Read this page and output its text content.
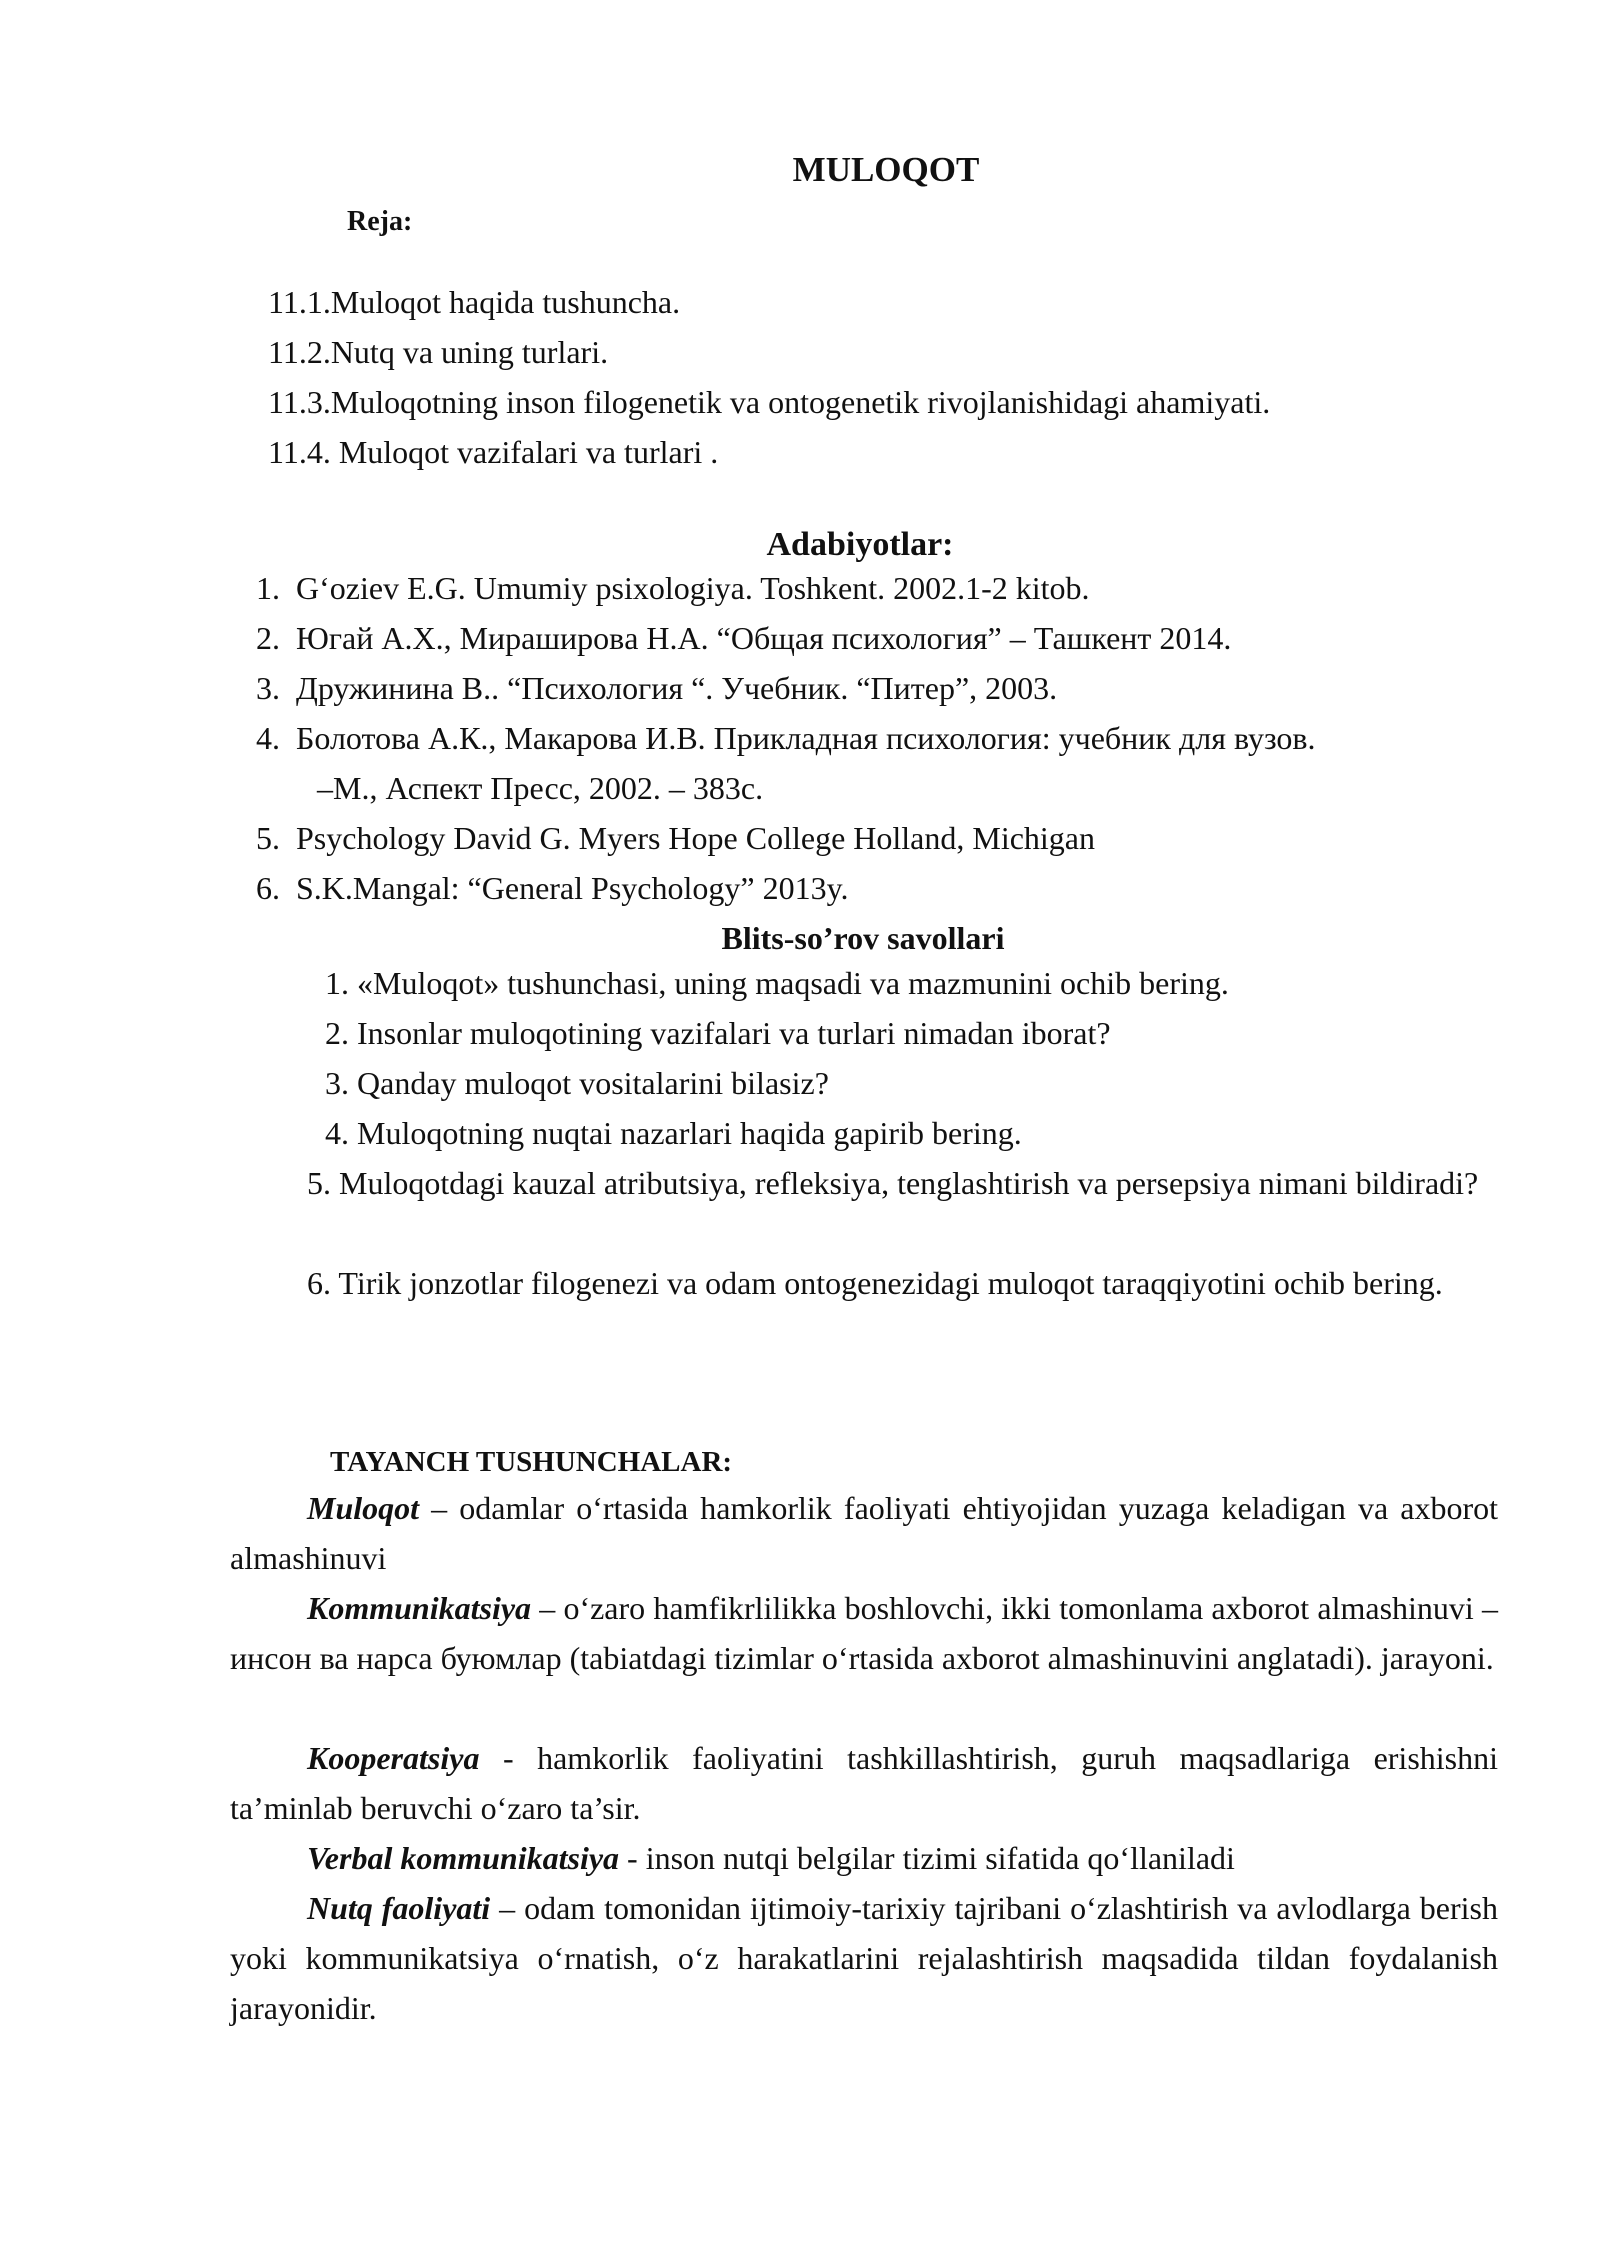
MULOQOT
Reja:
11.1.Muloqot haqida tushuncha.
11.2.Nutq va uning turlari.
11.3.Muloqotning inson filogenetik va ontogenetik rivojlanishidagi ahamiyati.
11.4. Muloqot vazifalari va turlari .
Adabiyotlar:
1. G‘oziev E.G. Umumiy psixologiya. Toshkent. 2002.1-2 kitob.
2. Югай А.Х., Мирашировa Н.А. “Общая психология” – Ташкент 2014.
3. Дружинина В.. “Психология “. Учебник. “Питер”, 2003.
4. Болотова А.К., Макарова И.В. Прикладная психология: учебник для вузов.
–М., Аспект Пресс, 2002. – 383с.
5. Psychology David G. Myers Hope College Holland, Michigan
6. S.K.Mangal: “General Psychology” 2013y.
Blits-so’rov savollari
1. «Muloqot» tushunchasi, uning maqsadi va mazmunini ochib bering.
2. Insonlar muloqotining vazifalari va turlari nimadan iborat?
3. Qanday muloqot vositalarini bilasiz?
4. Muloqotning nuqtai nazarlari haqida gapirib bering.
5. Muloqotdagi kauzal atributsiya, refleksiya, tenglashtirish va persepsiya nimani bildiradi?
6. Tirik jonzotlar filogenezi va odam ontogenezidagi muloqot taraqqiyotini ochib bering.
TAYANCH TUSHUNCHALAR:
Muloqot – odamlar o‘rtasida hamkorlik faoliyati ehtiyojidan yuzaga keladigan va axborot almashinuvi
Kommunikatsiya – o‘zaro hamfikrlilikka boshlovchi, ikki tomonlama axborot almashinuvi – инсон ва нарса буюмлар (tabiatdagi tizimlar o‘rtasida axborot almashinuvini anglatadi). jarayoni.
Kooperatsiya - hamkorlik faoliyatini tashkillashtirish, guruh maqsadlariga erishishni ta’minlab beruvchi o‘zaro ta’sir.
Verbal kommunikatsiya - inson nutqi belgilar tizimi sifatida qo‘llaniladi
Nutq faoliyati – odam tomonidan ijtimoiy-tarixiy tajribani o‘zlashtirish va avlodlarga berish yoki kommunikatsiya o‘rnatish, o‘z harakatlarini rejalashtirish maqsadida tildan foydalanish jarayonidir.
